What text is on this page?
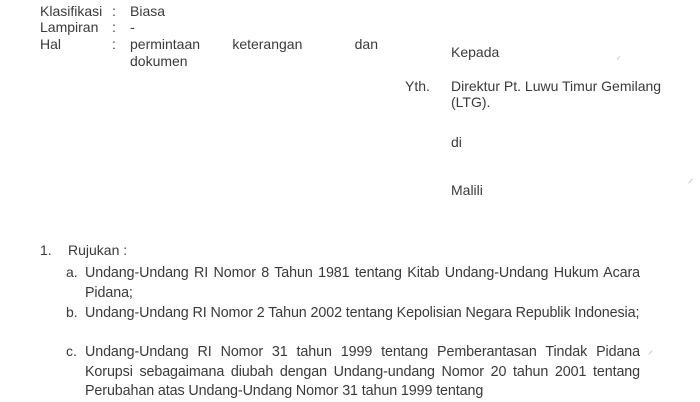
Klasifikasi : Biasa
Lampiran : -
Hal	: permintaan keterangan	dan
dokumen
Kepada
Yth. Direktur Pt. Luwu Timur Gemilang
(LTG).
di
Malili
1. Rujukan :
a. Undang-Undang RI Nomor 8 Tahun 1981 tentang Kitab Undang-Undang Hukum Acara Pidana;
b. Undang-Undang RI Nomor 2 Tahun 2002 tentang Kepolisian Negara Republik Indonesia;
c. Undang-Undang RI Nomor 31 tahun 1999 tentang Pemberantasan Tindak Pidana Korupsi sebagaimana diubah dengan Undang-undang Nomor 20 tahun 2001 tentang Perubahan atas Undang-Undang Nomor 31 tahun 1999 tentang
